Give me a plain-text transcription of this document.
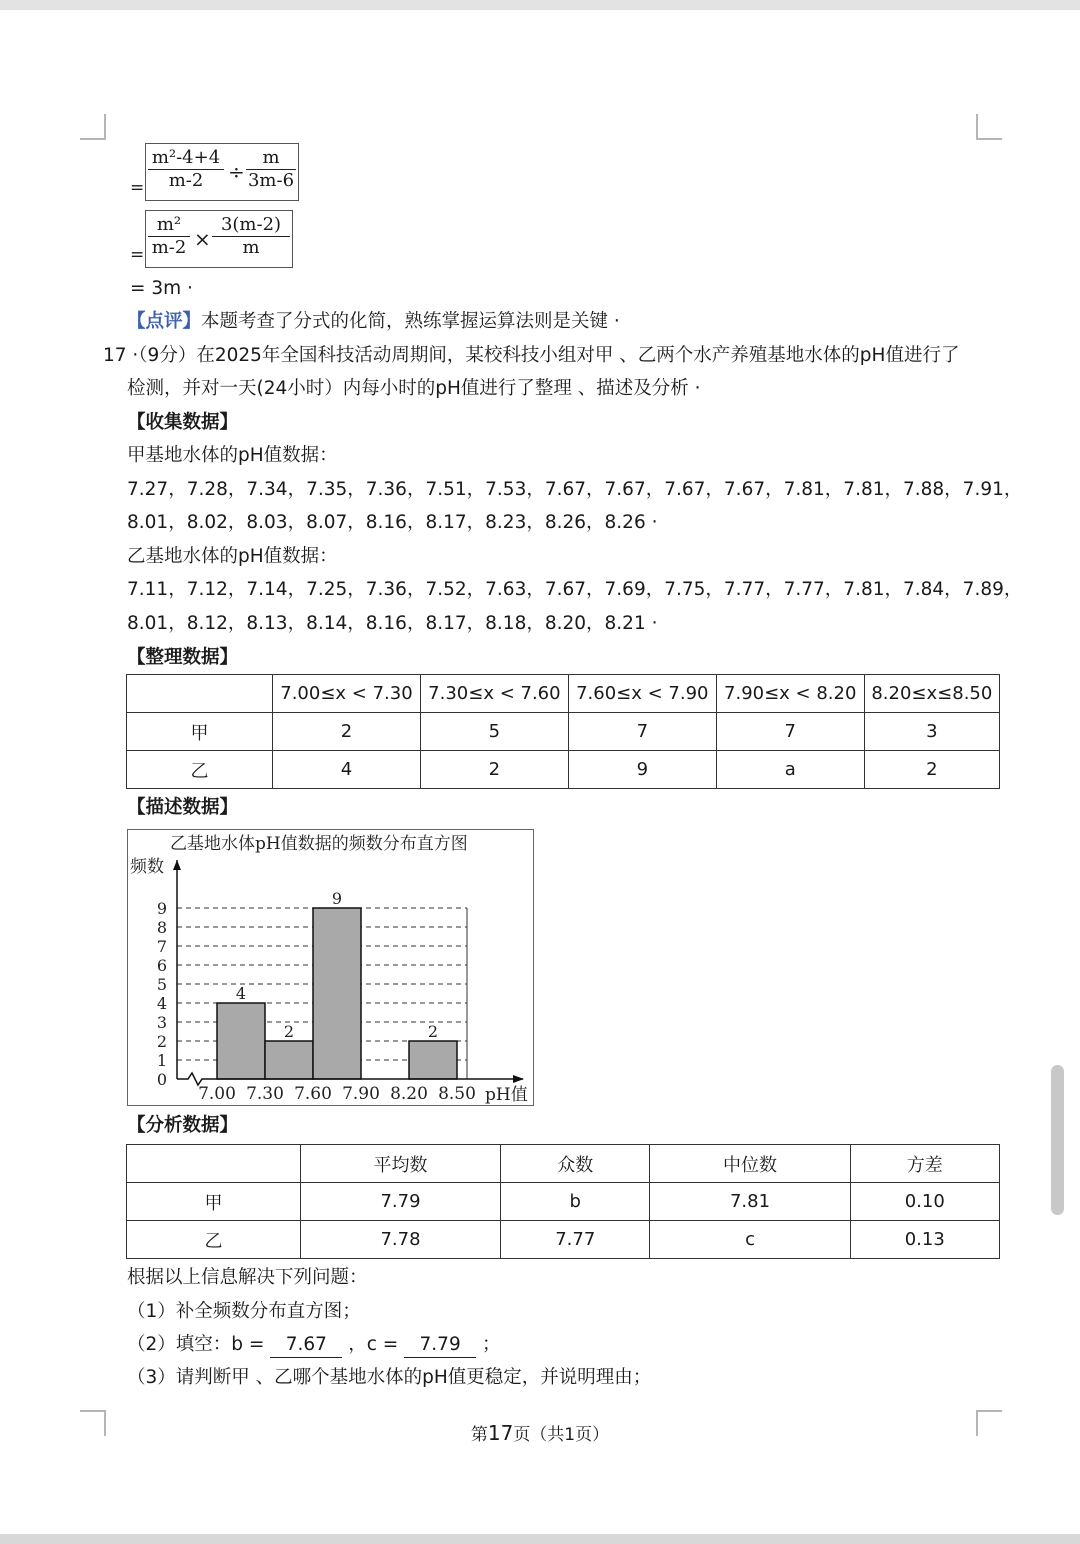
= $\frac{\text{m²-4+4}}{m-2} \div \frac{m}{3m-6}$
= $\frac{\text{m²}}{m-2} \times \frac{3(m-2)}{m}$
= 3m ·
【点评】本题考查了分式的化简，熟练掌握运算法则是关键 ·
17 ·（9分）在2025年全国科技活动周期间，某校科技小组对甲 、乙两个水产养殖基地水体的pH值进行了
检测，并对一天(24小时）内每小时的pH值进行了整理 、描述及分析 ·
【收集数据】
甲基地水体的pH值数据：
7.27，7.28，7.34，7.35，7.36，7.51，7.53，7.67，7.67，7.67，7.67，7.81，7.81，7.88，7.91，
8.01，8.02，8.03，8.07，8.16，8.17，8.23，8.26，8.26 ·
乙基地水体的pH值数据：
7.11，7.12，7.14，7.25，7.36，7.52，7.63，7.67，7.69，7.75，7.77，7.77，7.81，7.84，7.89，
8.01，8.12，8.13，8.14，8.16，8.17，8.18，8.20，8.21 ·
【整理数据】
	7.00≤x < 7.30	7.30≤x < 7.60	7.60≤x < 7.90	7.90≤x < 8.20	8.20≤x≤8.50
甲	2	5	7	7	3
乙	4	2	9	a	2
【描述数据】
乙基地水体pH值数据的频数分布直方图
频数
pH值
0
1
2
3
4
5
6
7
8
9
4
2
9
2
7.00 7.30 7.60 7.90 8.20 8.50
【分析数据】
	平均数	众数	中位数	方差
甲	7.79	b	7.81	0.10
乙	7.78	7.77	c	0.13
根据以上信息解决下列问题：
（1）补全频数分布直方图；
（2）填空：b = 7.67 ，c = 7.79 ；
（3）请判断甲 、乙哪个基地水体的pH值更稳定，并说明理由；
第17页（共1页）
